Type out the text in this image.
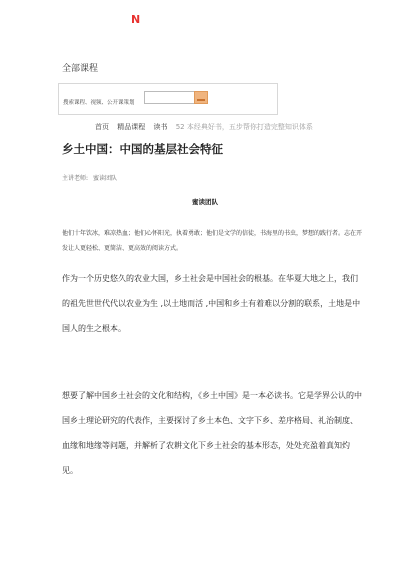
N
全部课程
搜索课程、视频、公开课策划
首页 精品课程 读书 52 本经典好书，五步帮你打造完整知识体系
乡土中国：中国的基层社会特征
主讲老师: 蜜读团队
蜜读团队
他们十年饮冰，难凉热血；他们心怀阳光，执着勇敢；他们是文学的信徒，书海里的书虫，梦想的践行者。志在开发让人更轻松、更简洁、更高效的阅读方式。

作为一个历史悠久的农业大国，乡土社会是中国社会的根基。在华夏大地之上，我们的祖先世世代代以农业为生 ,以土地而活 ,中国和乡土有着难以分割的联系，土地是中国人的生之根本。

想要了解中国乡土社会的文化和结构，《乡土中国》是一本必读书。它是学界公认的中国乡土理论研究的代表作，主要探讨了乡土本色、文字下乡、差序格局、礼治制度、血缘和地缘等问题，并解析了农耕文化下乡土社会的基本形态，处处充盈着真知灼见。
